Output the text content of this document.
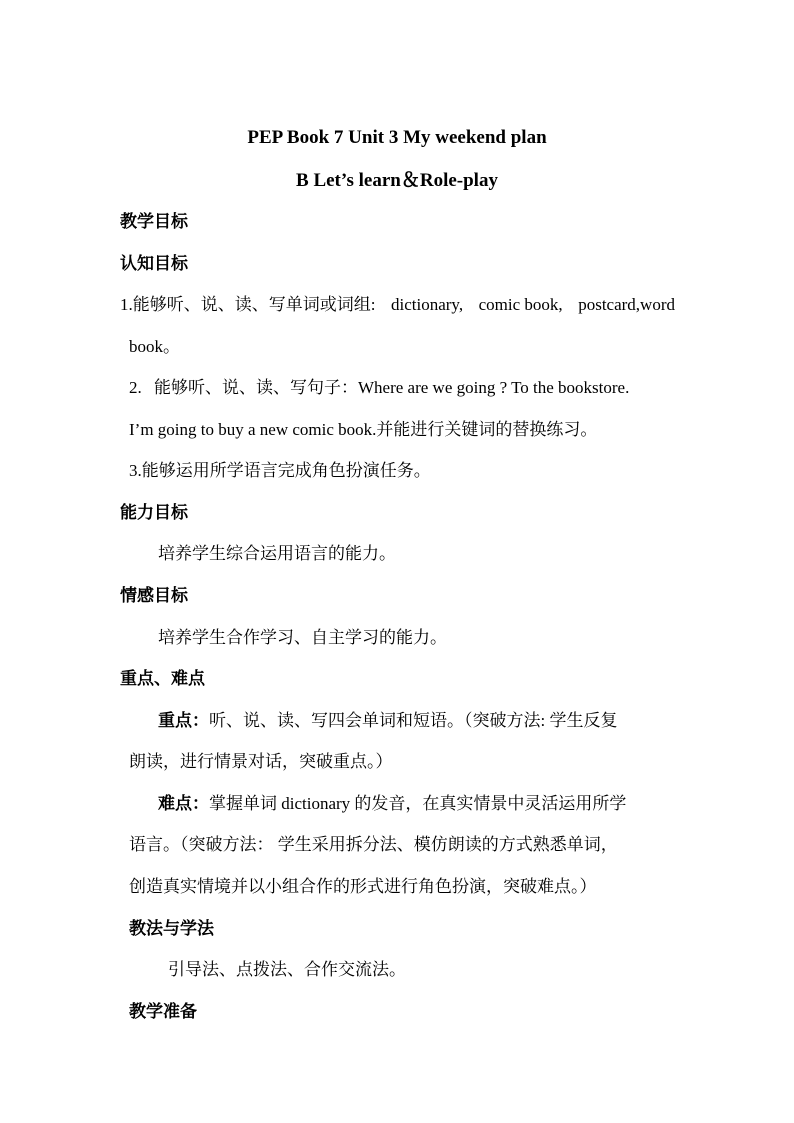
PEP Book 7 Unit 3 My weekend plan
B Let’s learn＆Role-play
教学目标
认知目标
1.能够听、说、读、写单词或词组: dictionary, comic book, postcard,word
book。
2. 能够听、说、读、写句子：Where are we going ? To the bookstore.
I’m going to buy a new comic book.并能进行关键词的替换练习。
3.能够运用所学语言完成角色扮演任务。
能力目标
培养学生综合运用语言的能力。
情感目标
培养学生合作学习、自主学习的能力。
重点、难点
重点：听、说、读、写四会单词和短语。（突破方法: 学生反复
朗读，进行情景对话，突破重点。）
难点：掌握单词 dictionary 的发音，在真实情景中灵活运用所学
语言。（突破方法： 学生采用拆分法、模仿朗读的方式熟悉单词，
创造真实情境并以小组合作的形式进行角色扮演，突破难点。）
教法与学法
引导法、点拨法、合作交流法。
教学准备
